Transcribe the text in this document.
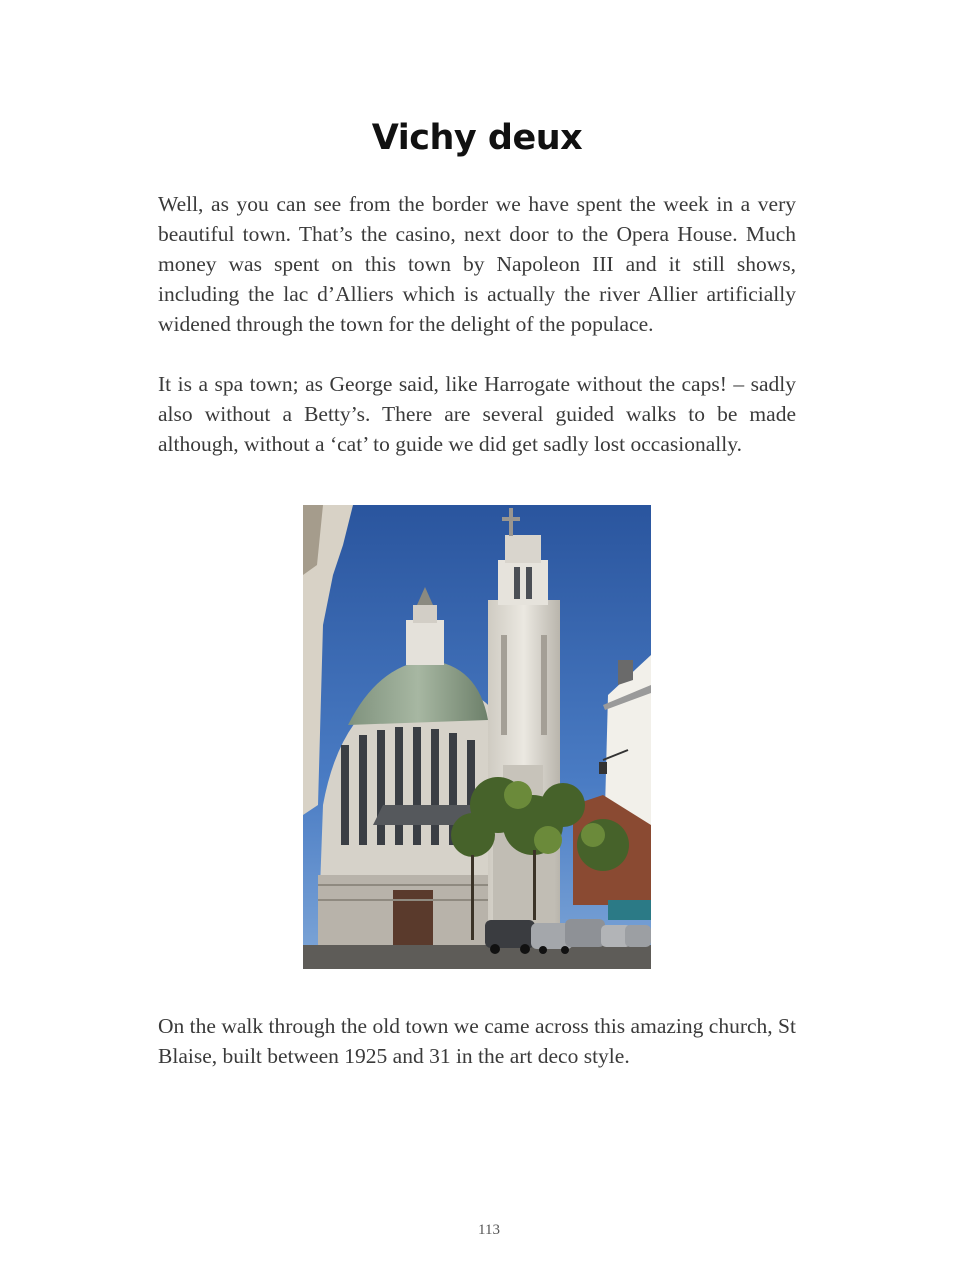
Vichy deux

Well, as you can see from the border we have spent the week in a very beautiful town. That’s the casino, next door to the Opera House. Much money was spent on this town by Napoleon III and it still shows, including the lac d’Alliers which is actually the river Allier artificially widened through the town for the delight of the populace.

It is a spa town; as George said, like Harrogate without the caps! – sadly also without a Betty’s. There are several guided walks to be made although, without a ‘cat’ to guide we did get sadly lost occasionally.

On the walk through the old town we came across this amazing church, St Blaise, built between 1925 and 31 in the art deco style.

113
